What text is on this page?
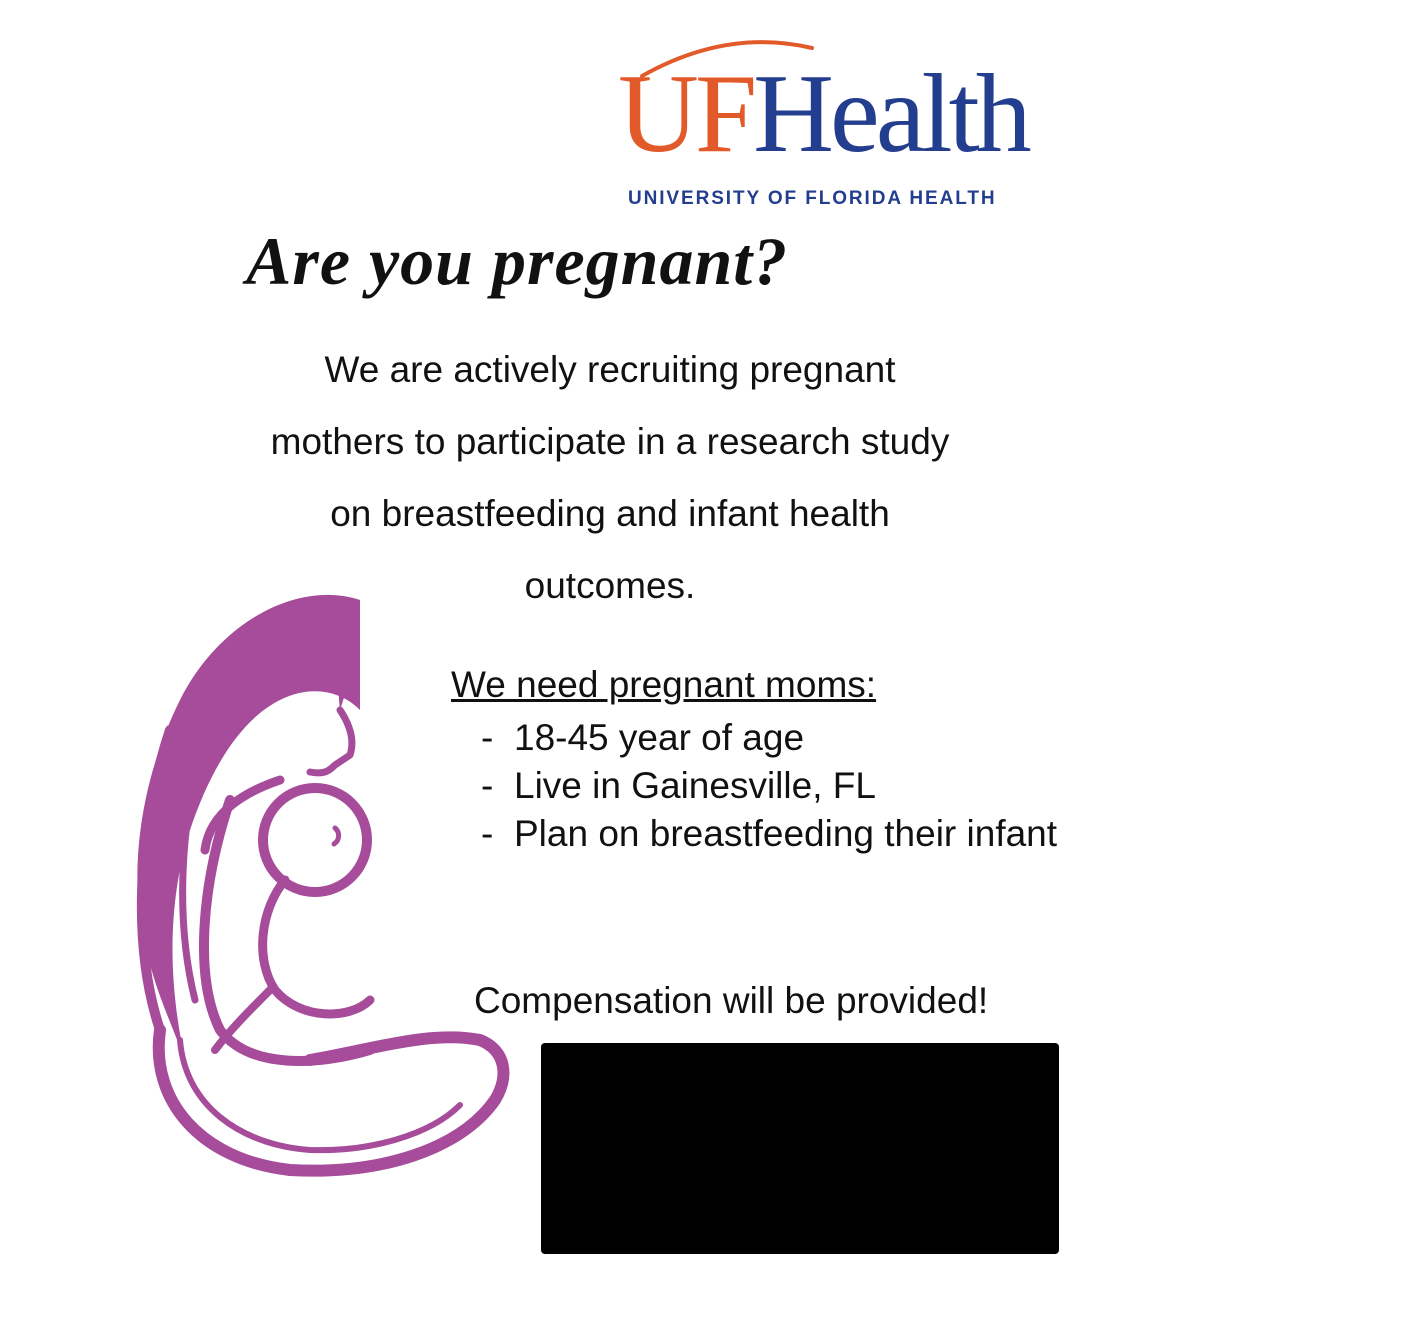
UFHealth
UNIVERSITY OF FLORIDA HEALTH
Are you pregnant?
We are actively recruiting pregnant
mothers to participate in a research study
on breastfeeding and infant health
outcomes.
We need pregnant moms:
- 18-45 year of age
- Live in Gainesville, FL
- Plan on breastfeeding their infant
Compensation will be provided!
